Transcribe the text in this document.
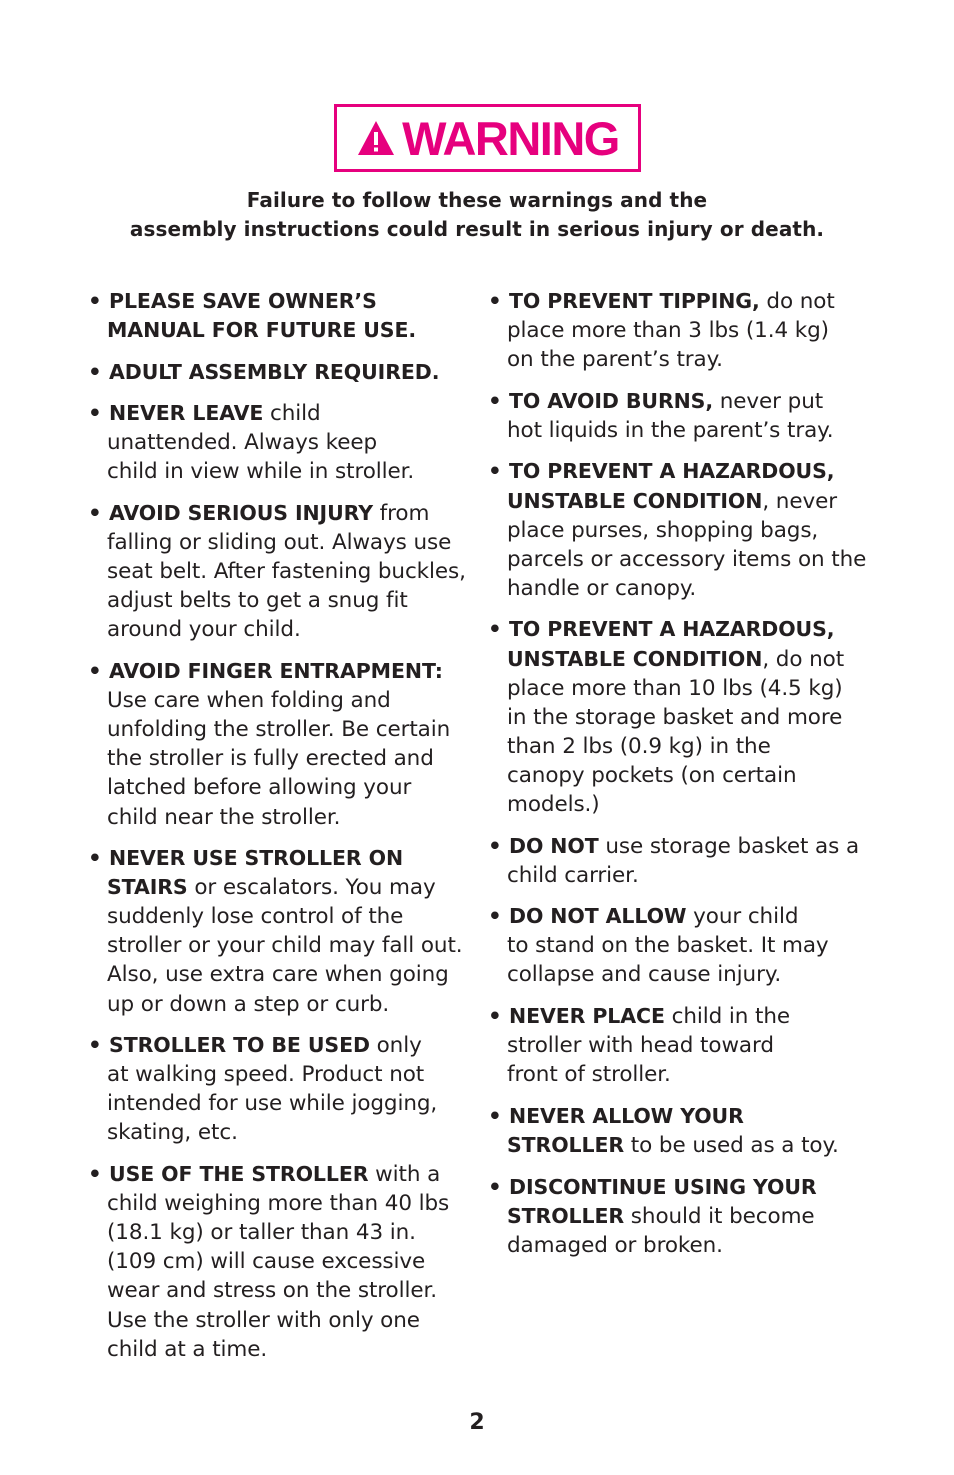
WARNING
Failure to follow these warnings and the
assembly instructions could result in serious injury or death.
• PLEASE SAVE OWNER’S
MANUAL FOR FUTURE USE.
• ADULT ASSEMBLY REQUIRED.
• NEVER LEAVE child
unattended. Always keep
child in view while in stroller.
• AVOID SERIOUS INJURY from
falling or sliding out. Always use
seat belt. After fastening buckles,
adjust belts to get a snug fit
around your child.
• AVOID FINGER ENTRAPMENT:
Use care when folding and
unfolding the stroller. Be certain
the stroller is fully erected and
latched before allowing your
child near the stroller.
• NEVER USE STROLLER ON
STAIRS or escalators. You may
suddenly lose control of the
stroller or your child may fall out.
Also, use extra care when going
up or down a step or curb.
• STROLLER TO BE USED only
at walking speed. Product not
intended for use while jogging,
skating, etc.
• USE OF THE STROLLER with a
child weighing more than 40 lbs
(18.1 kg) or taller than 43 in.
(109 cm) will cause excessive
wear and stress on the stroller.
Use the stroller with only one
child at a time.
• TO PREVENT TIPPING, do not
place more than 3 lbs (1.4 kg)
on the parent’s tray.
• TO AVOID BURNS, never put
hot liquids in the parent’s tray.
• TO PREVENT A HAZARDOUS,
UNSTABLE CONDITION, never
place purses, shopping bags,
parcels or accessory items on the
handle or canopy.
• TO PREVENT A HAZARDOUS,
UNSTABLE CONDITION, do not
place more than 10 lbs (4.5 kg)
in the storage basket and more
than 2 lbs (0.9 kg) in the
canopy pockets (on certain
models.)
• DO NOT use storage basket as a
child carrier.
• DO NOT ALLOW your child
to stand on the basket. It may
collapse and cause injury.
• NEVER PLACE child in the
stroller with head toward
front of stroller.
• NEVER ALLOW YOUR
STROLLER to be used as a toy.
• DISCONTINUE USING YOUR
STROLLER should it become
damaged or broken.
2
